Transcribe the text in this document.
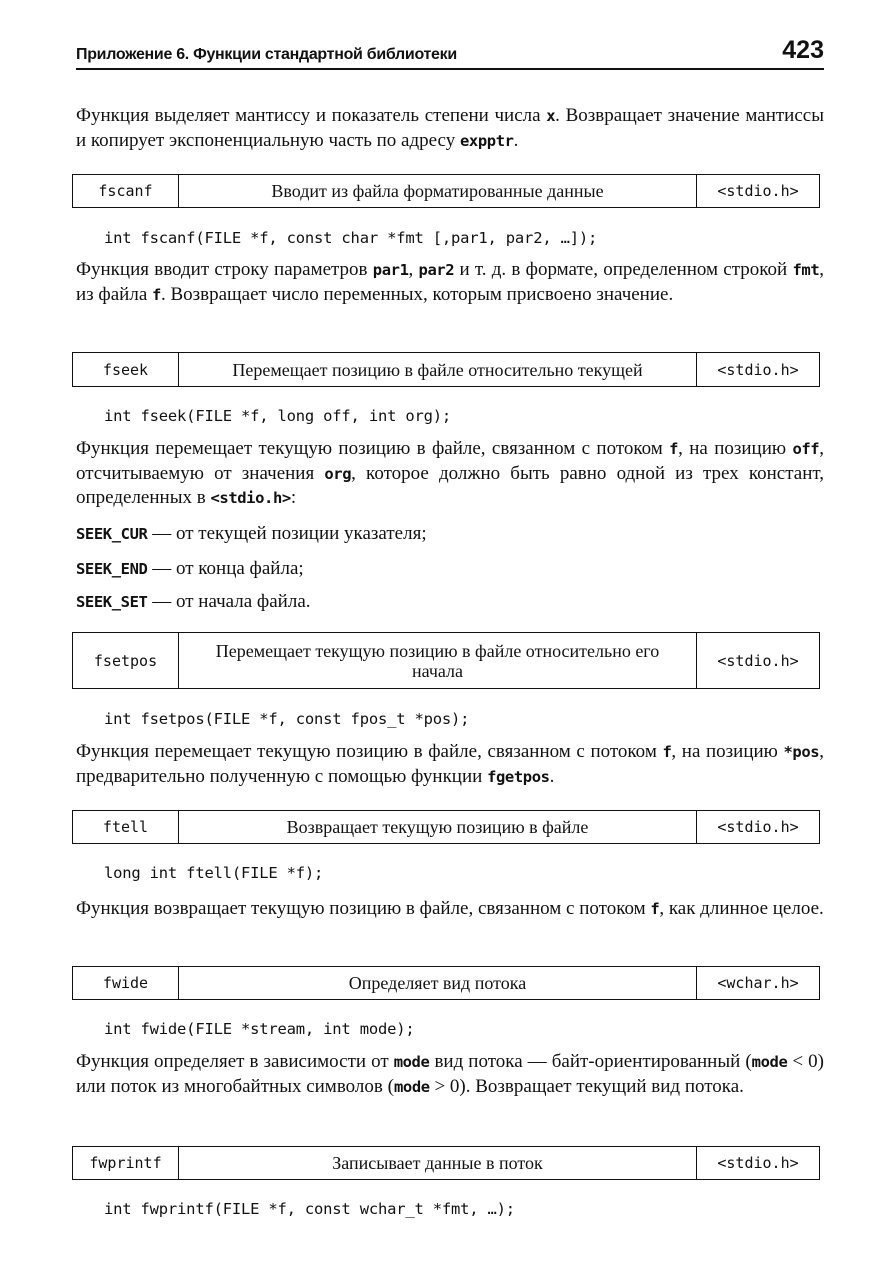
Приложение 6. Функции стандартной библиотеки	423

Функция выделяет мантиссу и показатель степени числа x. Возвращает значение мантиссы и копирует экспоненциальную часть по адресу expptr.

fscanf	Вводит из файла форматированные данные	<stdio.h>
int fscanf(FILE *f, const char *fmt [,par1, par2, …]);

Функция вводит строку параметров par1, par2 и т. д. в формате, определенном строкой fmt, из файла f. Возвращает число переменных, которым присвоено значение.

fseek	Перемещает позицию в файле относительно текущей	<stdio.h>
int fseek(FILE *f, long off, int org);

Функция перемещает текущую позицию в файле, связанном с потоком f, на позицию off, отсчитываемую от значения org, которое должно быть равно одной из трех констант, определенных в <stdio.h>:

SEEK_CUR — от текущей позиции указателя;

SEEK_END — от конца файла;

SEEK_SET — от начала файла.

fsetpos	Перемещает текущую позицию в файле относительно его начала	<stdio.h>
int fsetpos(FILE *f, const fpos_t *pos);

Функция перемещает текущую позицию в файле, связанном с потоком f, на позицию *pos, предварительно полученную с помощью функции fgetpos.

ftell	Возвращает текущую позицию в файле	<stdio.h>
long int ftell(FILE *f);

Функция возвращает текущую позицию в файле, связанном с потоком f, как длинное целое.

fwide	Определяет вид потока	<wchar.h>
int fwide(FILE *stream, int mode);

Функция определяет в зависимости от mode вид потока — байт-ориентированный (mode < 0) или поток из многобайтных символов (mode > 0). Возвращает текущий вид потока.

fwprintf	Записывает данные в поток	<stdio.h>
int fwprintf(FILE *f, const wchar_t *fmt, …);
